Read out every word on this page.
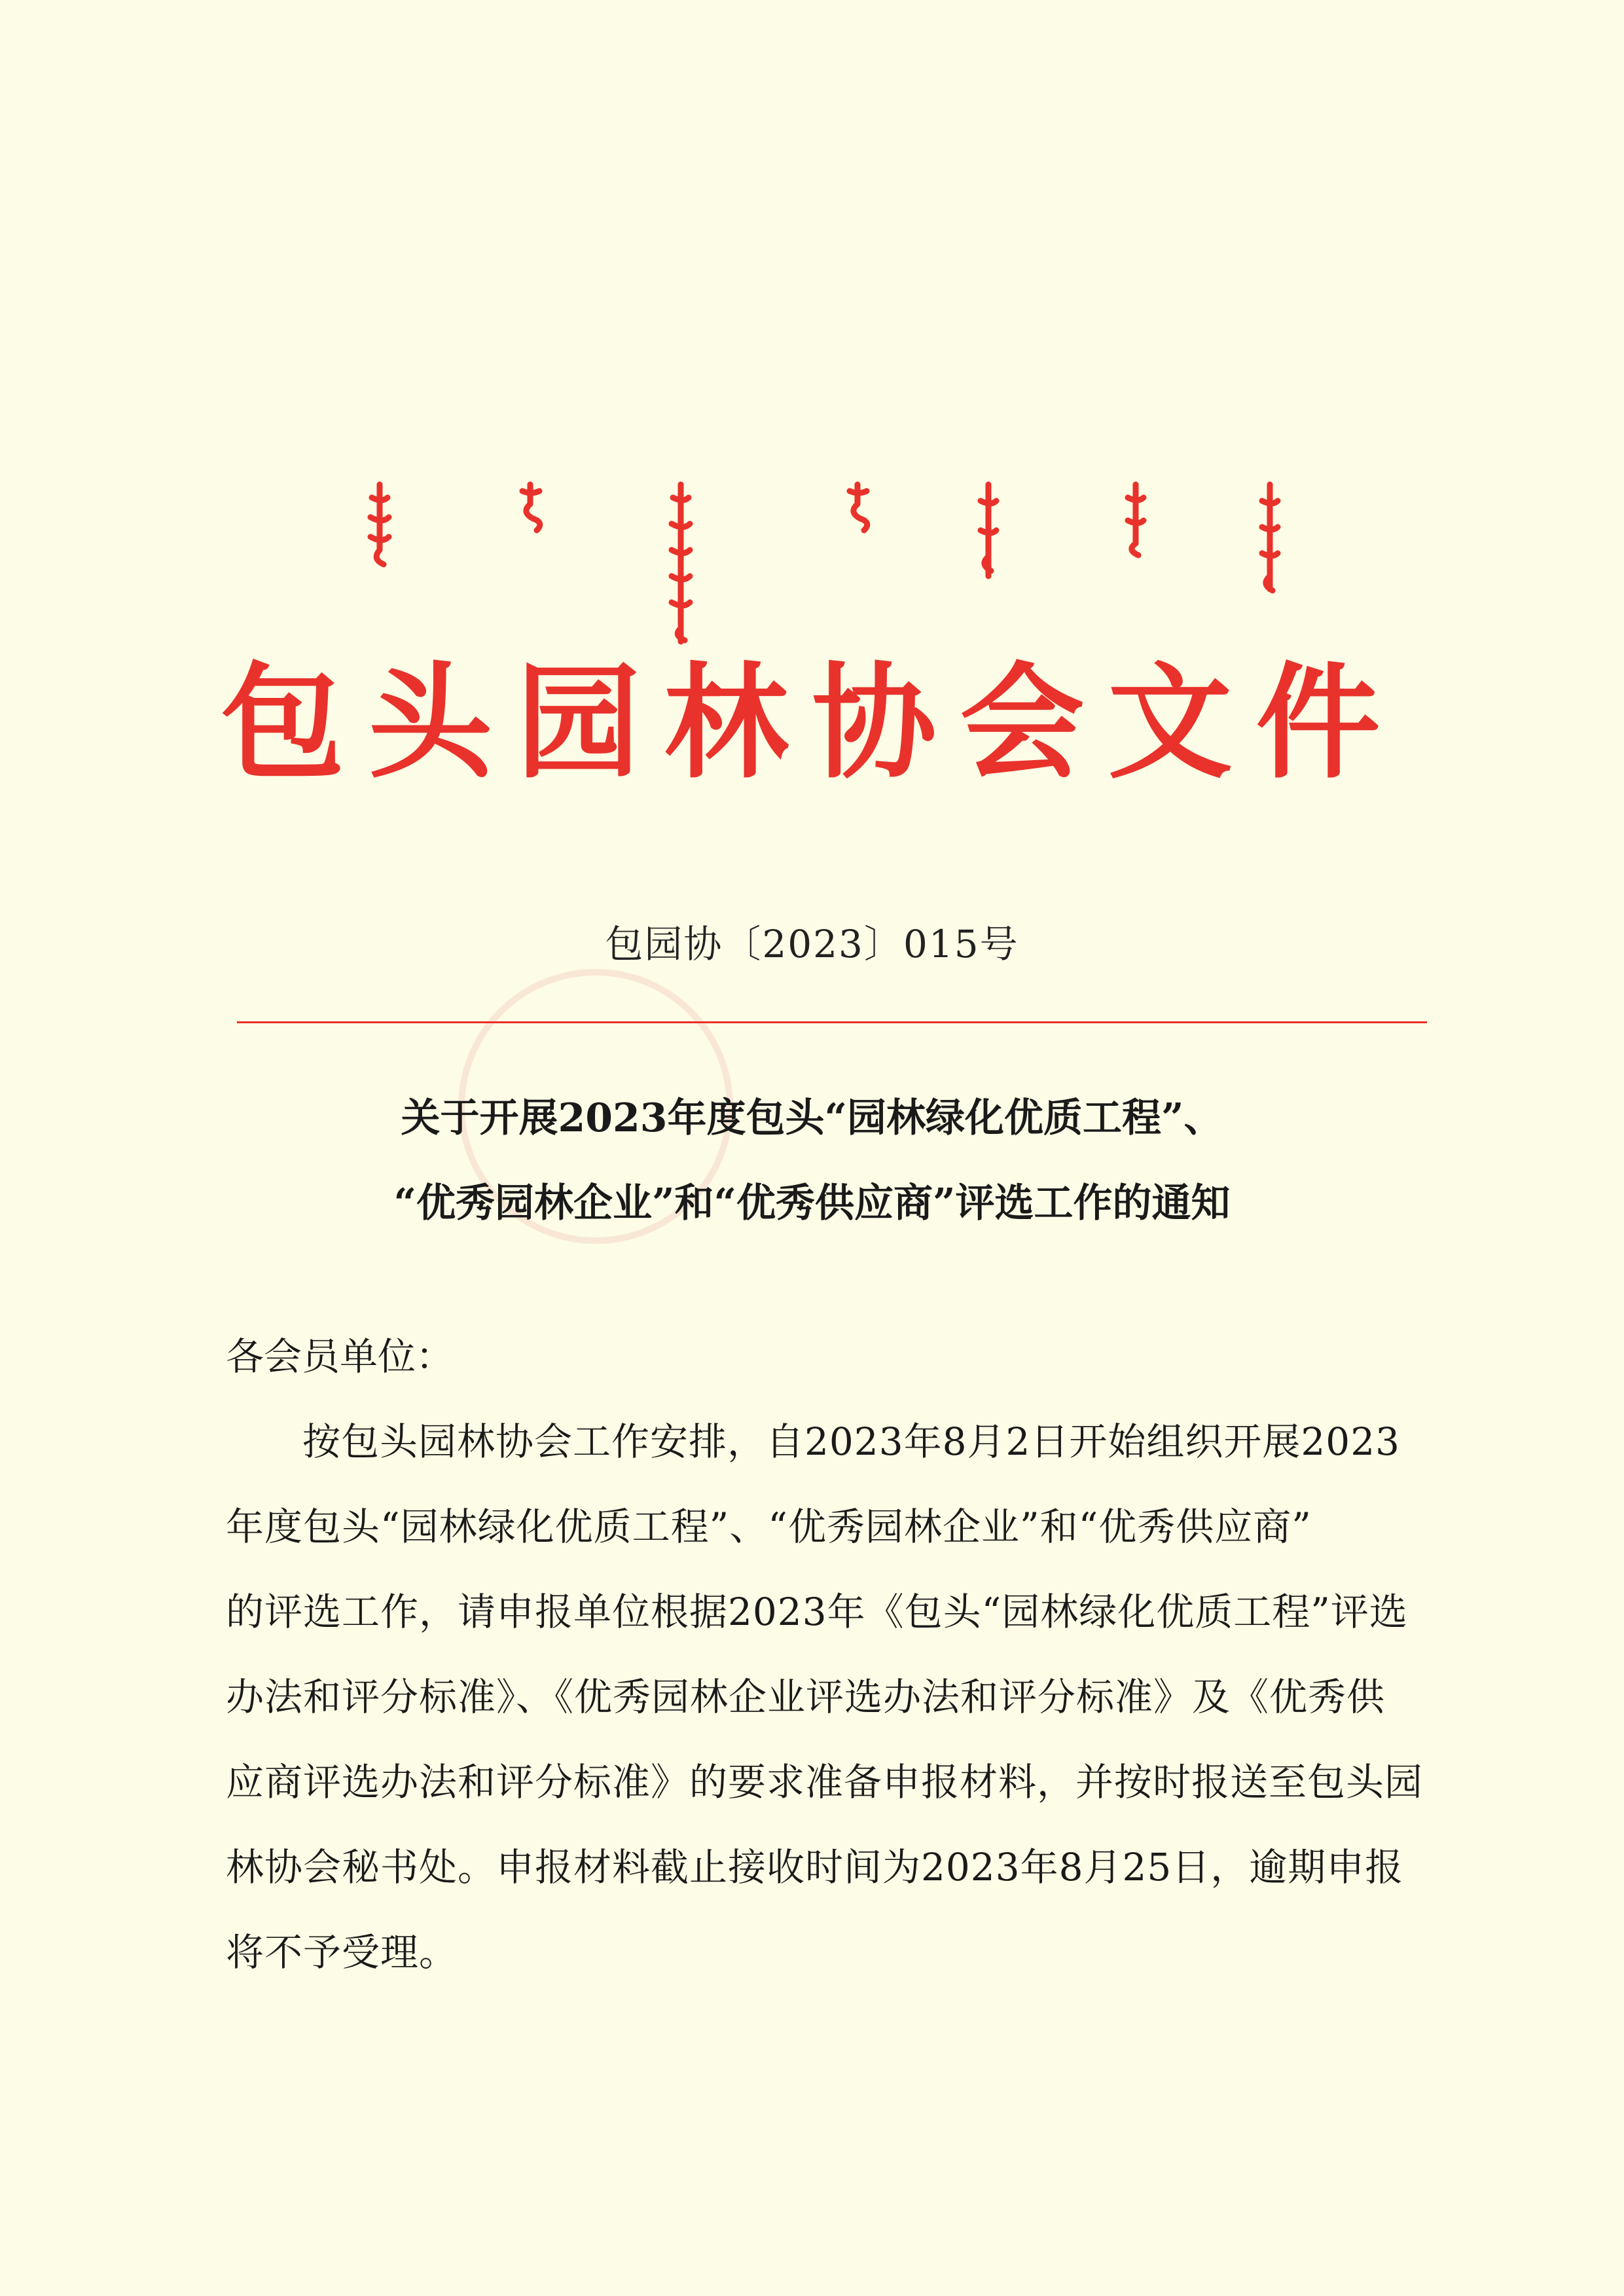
包头园林协会文件
包园协〔2023〕015号
关于开展2023年度包头“园林绿化优质工程”、
“优秀园林企业”和“优秀供应商”评选工作的通知
各会员单位：
按包头园林协会工作安排，自2023年8月2日开始组织开展2023
年度包头“园林绿化优质工程”、“优秀园林企业”和“优秀供应商”
的评选工作，请申报单位根据2023年《包头“园林绿化优质工程”评选
办法和评分标准》、《优秀园林企业评选办法和评分标准》及《优秀供
应商评选办法和评分标准》的要求准备申报材料，并按时报送至包头园
林协会秘书处。申报材料截止接收时间为2023年8月25日，逾期申报
将不予受理。
